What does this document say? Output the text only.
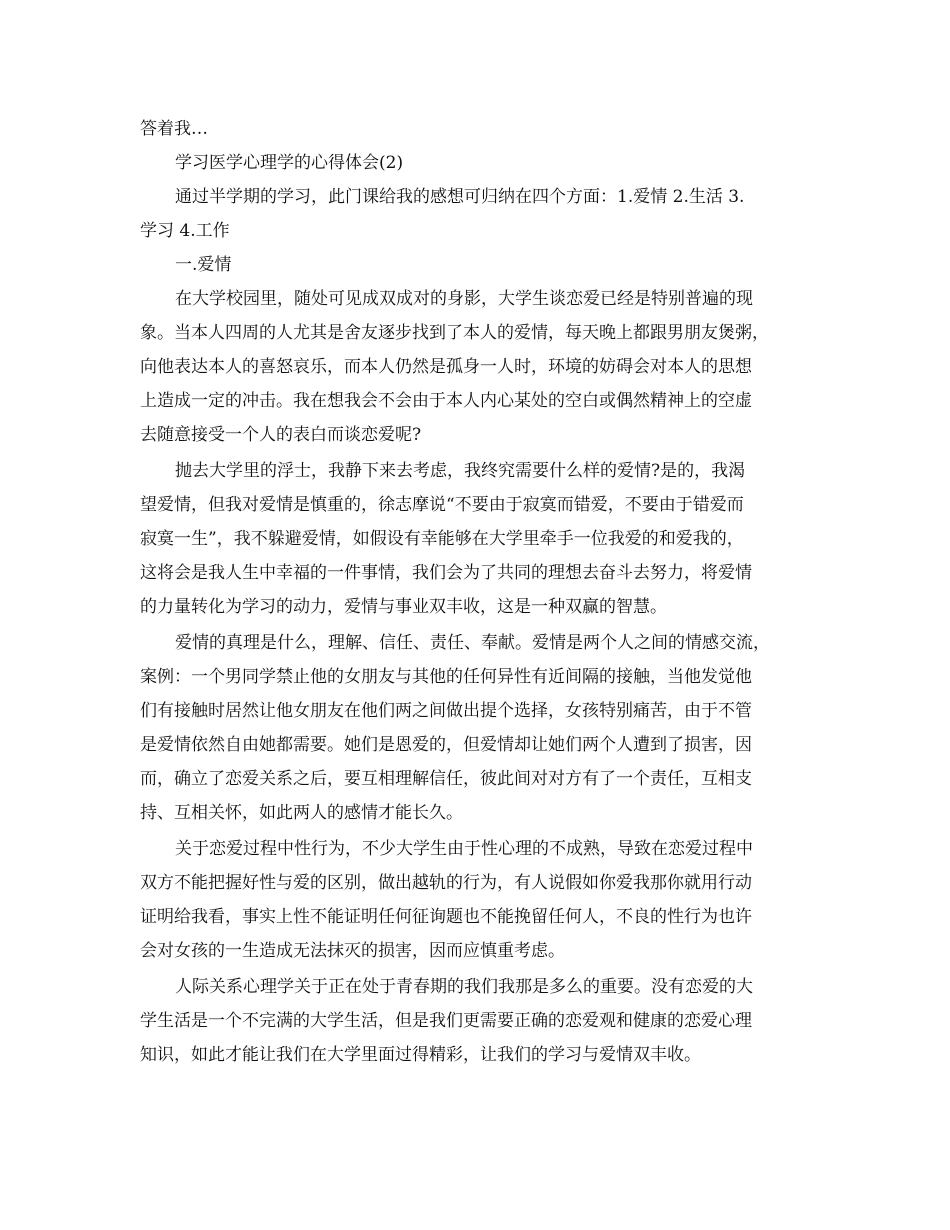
答着我…
学习医学心理学的心得体会(2)
通过半学期的学习，此门课给我的感想可归纳在四个方面：1.爱情 2.生活 3.
学习 4.工作
一.爱情
在大学校园里，随处可见成双成对的身影，大学生谈恋爱已经是特别普遍的现
象。当本人四周的人尤其是舍友逐步找到了本人的爱情，每天晚上都跟男朋友煲粥，
向他表达本人的喜怒哀乐，而本人仍然是孤身一人时，环境的妨碍会对本人的思想
上造成一定的冲击。我在想我会不会由于本人内心某处的空白或偶然精神上的空虚
去随意接受一个人的表白而谈恋爱呢?
抛去大学里的浮士，我静下来去考虑，我终究需要什么样的爱情?是的，我渴
望爱情，但我对爱情是慎重的，徐志摩说“不要由于寂寞而错爱，不要由于错爱而
寂寞一生”，我不躲避爱情，如假设有幸能够在大学里牵手一位我爱的和爱我的，
这将会是我人生中幸福的一件事情，我们会为了共同的理想去奋斗去努力，将爱情
的力量转化为学习的动力，爱情与事业双丰收，这是一种双赢的智慧。
爱情的真理是什么，理解、信任、责任、奉献。爱情是两个人之间的情感交流，
案例：一个男同学禁止他的女朋友与其他的任何异性有近间隔的接触，当他发觉他
们有接触时居然让他女朋友在他们两之间做出提个选择，女孩特别痛苦，由于不管
是爱情依然自由她都需要。她们是恩爱的，但爱情却让她们两个人遭到了损害，因
而，确立了恋爱关系之后，要互相理解信任，彼此间对对方有了一个责任，互相支
持、互相关怀，如此两人的感情才能长久。
关于恋爱过程中性行为，不少大学生由于性心理的不成熟，导致在恋爱过程中
双方不能把握好性与爱的区别，做出越轨的行为，有人说假如你爱我那你就用行动
证明给我看，事实上性不能证明任何征询题也不能挽留任何人，不良的性行为也许
会对女孩的一生造成无法抹灭的损害，因而应慎重考虑。
人际关系心理学关于正在处于青春期的我们我那是多么的重要。没有恋爱的大
学生活是一个不完满的大学生活，但是我们更需要正确的恋爱观和健康的恋爱心理
知识，如此才能让我们在大学里面过得精彩，让我们的学习与爱情双丰收。
